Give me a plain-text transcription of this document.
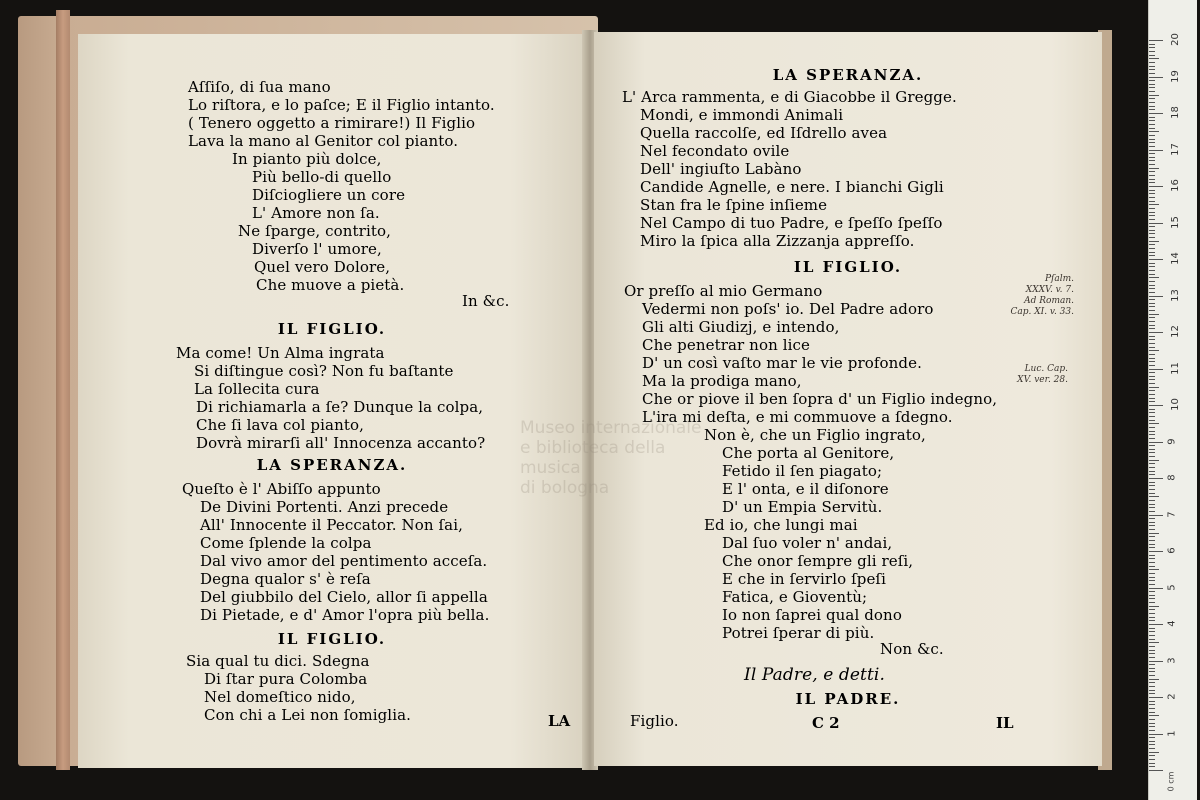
Aſſiſo, di ſua mano
Lo riſtora, e lo paſce; E il Figlio intanto.
( Tenero oggetto a rimirare!) Il Figlio
Lava la mano al Genitor col pianto.
In pianto più dolce,
Più bello-di quello
Diſciogliere un core
L' Amore non ſa.
Ne ſparge, contrito,
Diverſo l' umore,
Quel vero Dolore,
Che muove a pietà.
In &c.
IL FIGLIO.
Ma come! Un Alma ingrata
Si diſtingue così? Non fu baſtante
La ſollecita cura
Di richiamarla a ſe? Dunque la colpa,
Che ſi lava col pianto,
Dovrà mirarſi all' Innocenza accanto?
LA SPERANZA.
Queſto è l' Abiſſo appunto
De Divini Portenti. Anzi precede
All' Innocente il Peccator. Non ſai,
Come ſplende la colpa
Dal vivo amor del pentimento acceſa.
Degna qualor s' è reſa
Del giubbilo del Cielo, allor ſi appella
Di Pietade, e d' Amor l'opra più bella.
IL FIGLIO.
Sia qual tu dici. Sdegna
Di ſtar pura Colomba
Nel domeſtico nido,
Con chi a Lei non ſomiglia.	LA
LA SPERANZA.
L' Arca rammenta, e di Giacobbe il Gregge.
Mondi, e immondi Animali
Quella raccolſe, ed Iſdrello avea
Nel fecondato ovile
Dell' ingiuſto Labàno
Candide Agnelle, e nere. I bianchi Gigli
Stan fra le ſpine inſieme
Nel Campo di tuo Padre, e ſpeſſo ſpeſſo
Miro la ſpica alla Zizzanja appreſſo.
IL FIGLIO.
Or preſſo al mio Germano
Vedermi non poſs' io. Del Padre adoro
Gli alti Giudizj, e intendo,
Che penetrar non lice
D' un così vaſto mar le vie profonde.
Ma la prodiga mano,
Che or piove il ben ſopra d' un Figlio indegno,
L'ira mi deſta, e mi commuove a ſdegno.
Non è, che un Figlio ingrato,
Che porta al Genitore,
Fetido il ſen piagato;
E l' onta, e il diſonore
D' un Empia Servitù.
Ed io, che lungi mai
Dal ſuo voler n' andai,
Che onor ſempre gli reſi,
E che in ſervirlo ſpeſi
Fatica, e Gioventù;
Io non ſaprei qual dono
Potrei ſperar di più.
Non &c.
Il Padre, e detti.
IL PADRE.
Figlio.	C 2	IL
Pſalm.
XXXV. v. 7.
Ad Roman.
Cap. XI. v. 33.
Luc. Cap.
XV. ver. 28.
Museo internazionale
e biblioteca della musica
di bologna
0 cm
1
2
3
4
5
6
7
8
9
10
11
12
13
14
15
16
17
18
19
20
